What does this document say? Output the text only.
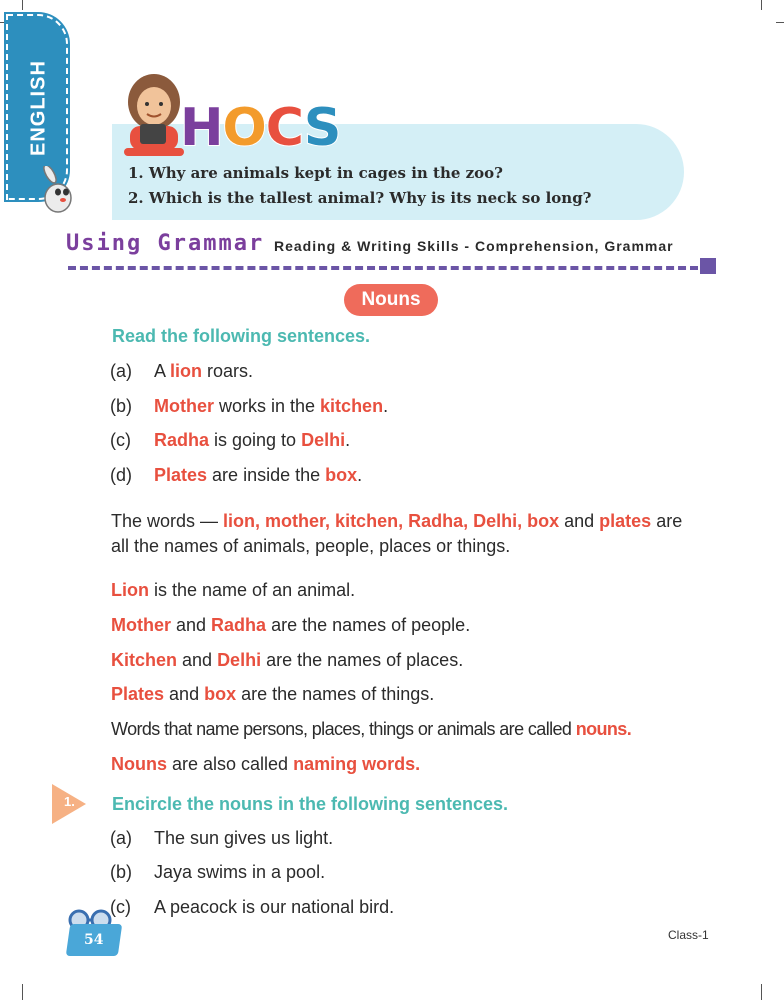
ENGLISH	HOCS
1. Why are animals kept in cages in the zoo?
2. Which is the tallest animal? Why is its neck so long?
Using Grammar Reading & Writing Skills - Comprehension, Grammar
Nouns
Read the following sentences.
(a) A lion roars.
(b) Mother works in the kitchen.
(c) Radha is going to Delhi.
(d) Plates are inside the box.
The words — lion, mother, kitchen, Radha, Delhi, box and plates are
all the names of animals, people, places or things.
Lion is the name of an animal.
Mother and Radha are the names of people.
Kitchen and Delhi are the names of places.
Plates and box are the names of things.
Words that name persons, places, things or animals are called nouns.
Nouns are also called naming words.
1. Encircle the nouns in the following sentences.
(a) The sun gives us light.
(b) Jaya swims in a pool.
(c) A peacock is our national bird.
54	Class-1
